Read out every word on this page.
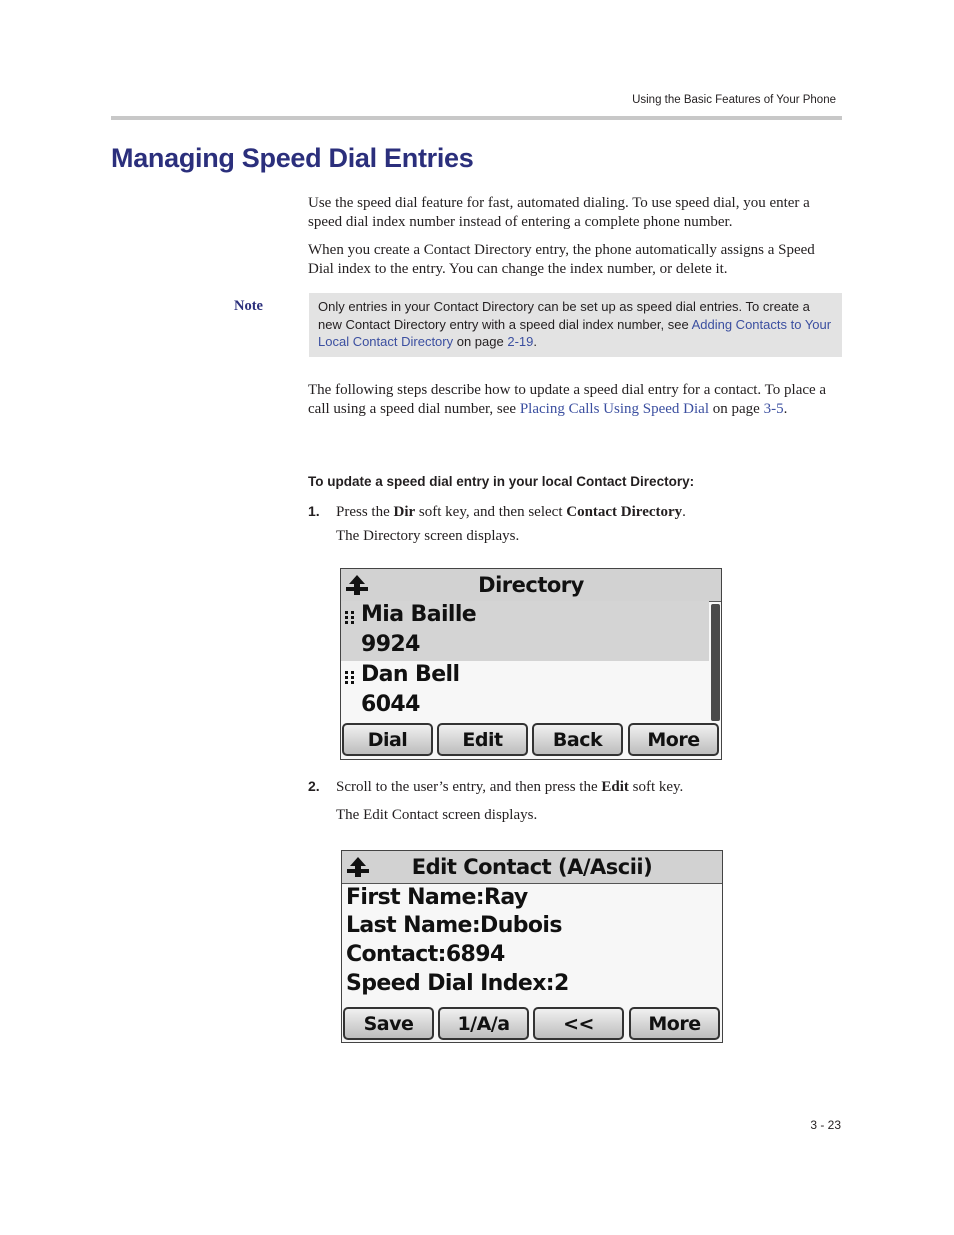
Using the Basic Features of Your Phone
Managing Speed Dial Entries

Use the speed dial feature for fast, automated dialing. To use speed dial, you enter a speed dial index number instead of entering a complete phone number.

When you create a Contact Directory entry, the phone automatically assigns a Speed Dial index to the entry. You can change the index number, or delete it.

Note	Only entries in your Contact Directory can be set up as speed dial entries. To create a new Contact Directory entry with a speed dial index number, see Adding Contacts to Your Local Contact Directory on page 2-19.

The following steps describe how to update a speed dial entry for a contact. To place a call using a speed dial number, see Placing Calls Using Speed Dial on page 3-5.

To update a speed dial entry in your local Contact Directory:
1. Press the Dir soft key, and then select Contact Directory.
The Directory screen displays.
Directory
Mia Baille
9924
Dan Bell
6044
Dial	Edit	Back	More
2. Scroll to the user’s entry, and then press the Edit soft key.
The Edit Contact screen displays.
Edit Contact (A/Ascii)
First Name:Ray
Last Name:Dubois
Contact:6894
Speed Dial Index:2
Save	1/A/a	<<	More
3 - 23
